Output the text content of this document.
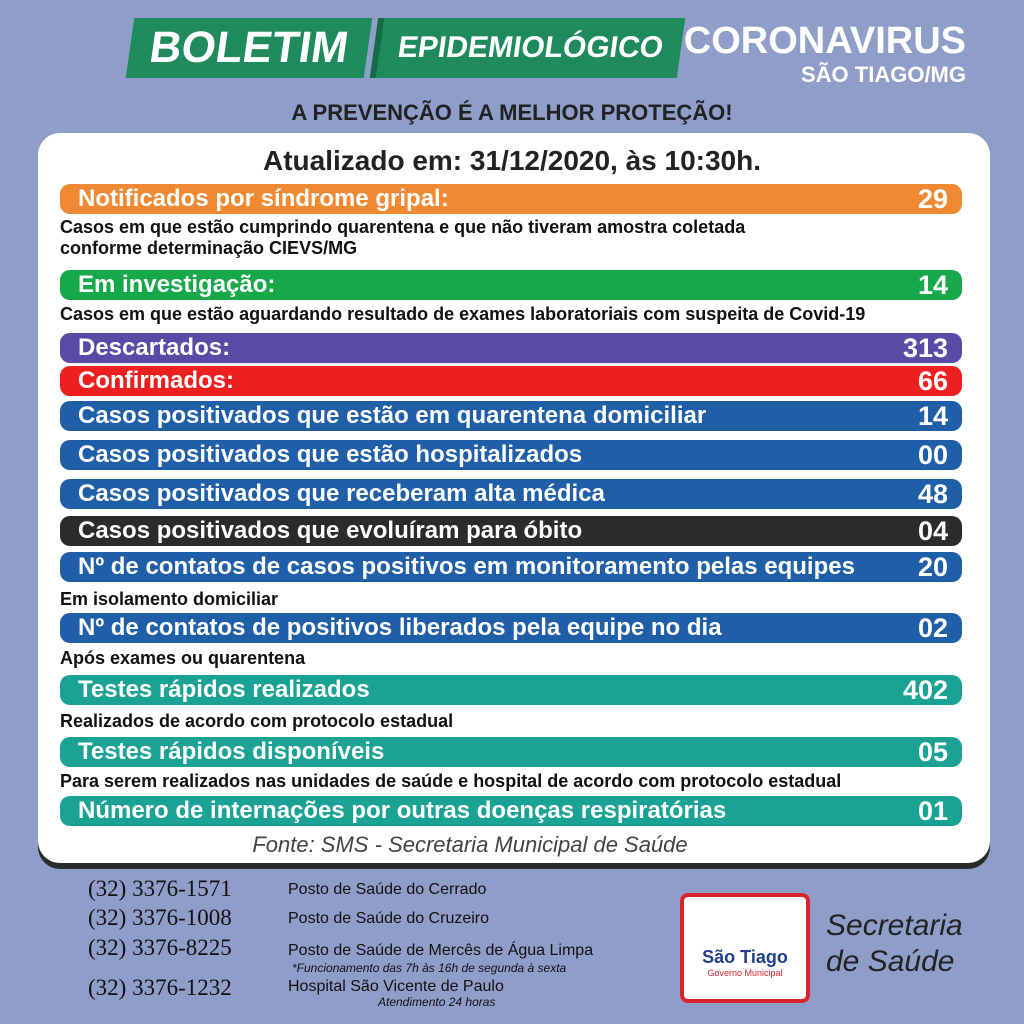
BOLETIM	EPIDEMIOLÓGICO CORONAVIRUS
SÃO TIAGO/MG
A PREVENÇÃO É A MELHOR PROTEÇÃO!
Atualizado em: 31/12/2020, às 10:30h.
Notificados por síndrome gripal:	29
Em investigação:	14
Descartados:	313
Confirmados:	66
Casos positivados que estão em quarentena domiciliar	14
Casos positivados que estão hospitalizados	00
Casos positivados que receberam alta médica	48
Casos positivados que evoluíram para óbito	04
Nº de contatos de casos positivos em monitoramento pelas equipes 20
Nº de contatos de positivos liberados pela equipe no dia	02
Testes rápidos realizados	402
Testes rápidos disponíveis	05
Número de internações por outras doenças respiratórias	01
Casos em que estão cumprindo quarentena e que não tiveram amostra coletada conforme determinação CIEVS/MG
Casos em que estão aguardando resultado de exames laboratoriais com suspeita de Covid-19
Em isolamento domiciliar
Após exames ou quarentena
Realizados de acordo com protocolo estadual
Para serem realizados nas unidades de saúde e hospital de acordo com protocolo estadual
Fonte: SMS - Secretaria Municipal de Saúde
(32) 3376-1571	Posto de Saúde do Cerrado
(32) 3376-1008	Posto de Saúde do Cruzeiro
(32) 3376-8225	Posto de Saúde de Mercês de Água Limpa
*Funcionamento das 7h às 16h de segunda à sexta
(32) 3376-1232	Hospital São Vicente de Paulo
Atendimento 24 horas
São Tiago
Governo Municipal
Secretaria
de Saúde
